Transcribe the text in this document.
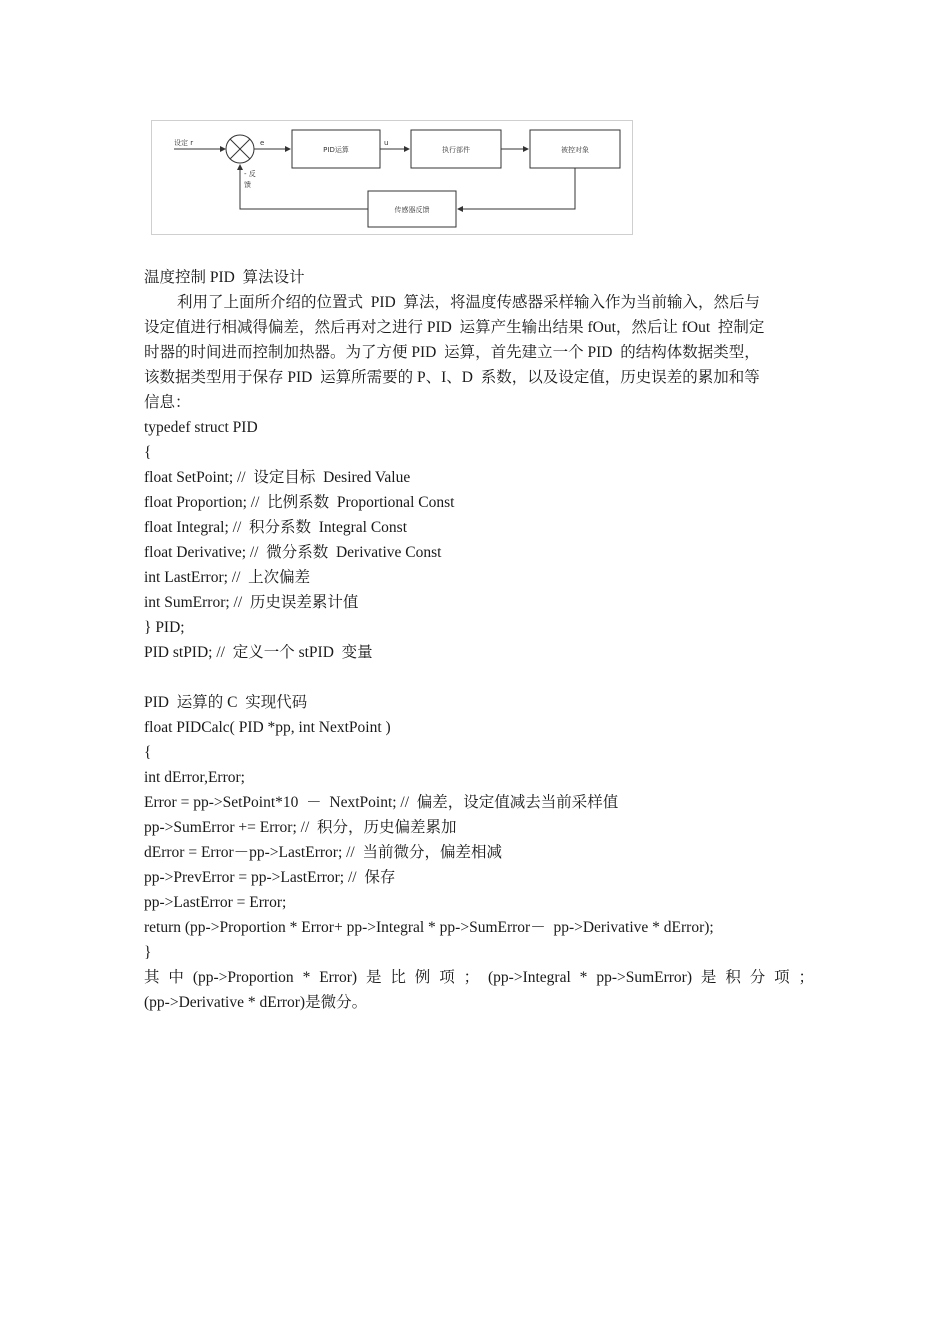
设定 r	e
PID运算
u
执行部件	被控对象
传感器反馈
- 反
馈
温度控制 PID  算法设计
利用了上面所介绍的位置式  PID  算法，将温度传感器采样输入作为当前输入，然后与
设定值进行相减得偏差，然后再对之进行 PID  运算产生输出结果 fOut，然后让 fOut  控制定
时器的时间进而控制加热器。为了方便 PID  运算，首先建立一个 PID  的结构体数据类型，
该数据类型用于保存 PID  运算所需要的 P、I、D  系数，以及设定值，历史误差的累加和等
信息：
typedef struct PID
{
float SetPoint; //  设定目标  Desired Value
float Proportion; //  比例系数  Proportional Const
float Integral; //  积分系数  Integral Const
float Derivative; //  微分系数  Derivative Const
int LastError; //  上次偏差
int SumError; //  历史误差累计值
} PID;
PID stPID; //  定义一个 stPID  变量
PID  运算的 C  实现代码
float PIDCalc( PID *pp, int NextPoint )
{
int dError,Error;
Error = pp->SetPoint*10  －  NextPoint; //  偏差，设定值减去当前采样值
pp->SumError += Error; //  积分，历史偏差累加
dError = Error－pp->LastError; //  当前微分，偏差相减
pp->PrevError = pp->LastError; //  保存
pp->LastError = Error;
return (pp->Proportion * Error+ pp->Integral * pp->SumError－  pp->Derivative * dError);
}
其 中 (pp->Proportion * Error) 是 比 例 项 ； (pp->Integral * pp->SumError) 是 积 分 项 ；
(pp->Derivative * dError)是微分。
